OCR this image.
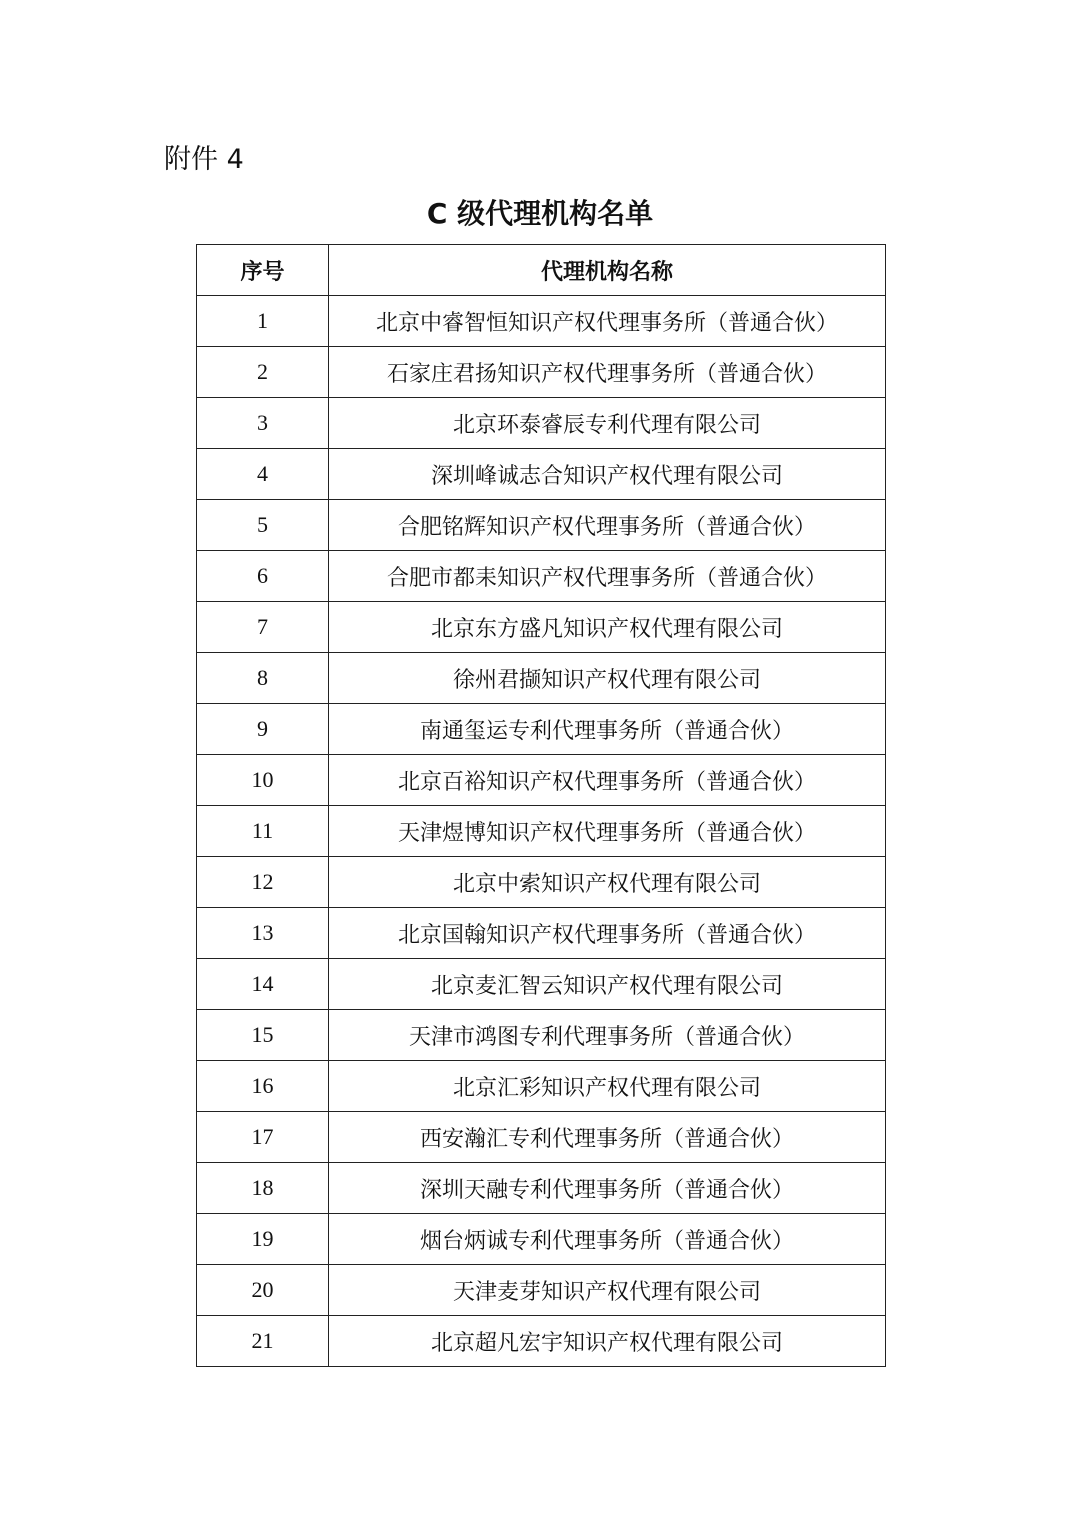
附件 4
C 级代理机构名单
序号	代理机构名称
1	北京中睿智恒知识产权代理事务所（普通合伙）
2	石家庄君扬知识产权代理事务所（普通合伙）
3	北京环泰睿辰专利代理有限公司
4	深圳峰诚志合知识产权代理有限公司
5	合肥铭辉知识产权代理事务所（普通合伙）
6	合肥市都耒知识产权代理事务所（普通合伙）
7	北京东方盛凡知识产权代理有限公司
8	徐州君撷知识产权代理有限公司
9	南通玺运专利代理事务所（普通合伙）
10	北京百裕知识产权代理事务所（普通合伙）
11	天津煜博知识产权代理事务所（普通合伙）
12	北京中索知识产权代理有限公司
13	北京国翰知识产权代理事务所（普通合伙）
14	北京麦汇智云知识产权代理有限公司
15	天津市鸿图专利代理事务所（普通合伙）
16	北京汇彩知识产权代理有限公司
17	西安瀚汇专利代理事务所（普通合伙）
18	深圳天融专利代理事务所（普通合伙）
19	烟台炳诚专利代理事务所（普通合伙）
20	天津麦芽知识产权代理有限公司
21	北京超凡宏宇知识产权代理有限公司
